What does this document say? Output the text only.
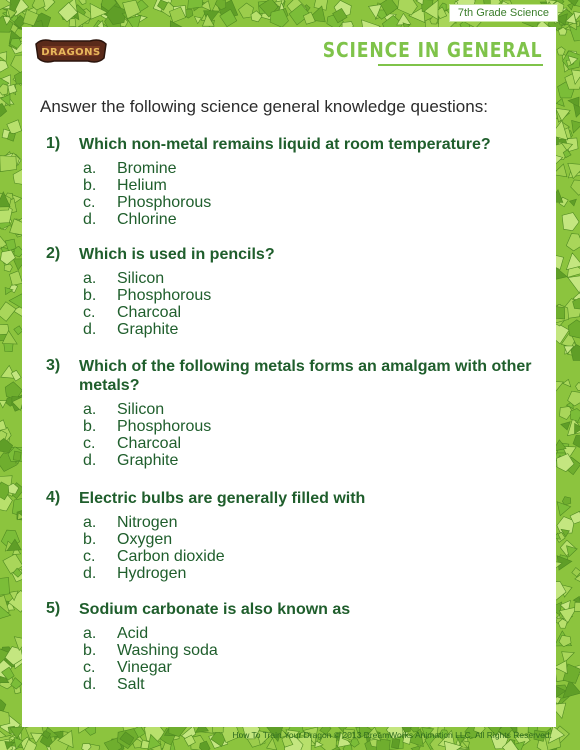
7th Grade Science
DRAGONS	SCIENCE IN GENERAL
Answer the following science general knowledge questions:
1)	Which non-metal remains liquid at room temperature?
a.	Bromine
b.	Helium
c.	Phosphorous
d.	Chlorine
2)	Which is used in pencils?
a.	Silicon
b.	Phosphorous
c.	Charcoal
d.	Graphite
3)	Which of the following metals forms an amalgam with other metals?
a.	Silicon
b.	Phosphorous
c.	Charcoal
d.	Graphite
4)	Electric bulbs are generally filled with
a.	Nitrogen
b.	Oxygen
c.	Carbon dioxide
d.	Hydrogen
5)	Sodium carbonate is also known as
a.	Acid
b.	Washing soda
c.	Vinegar
d.	Salt
How To Train Your Dragon © 2013 DreamWorks Animation LLC. All Rights Reserved.
